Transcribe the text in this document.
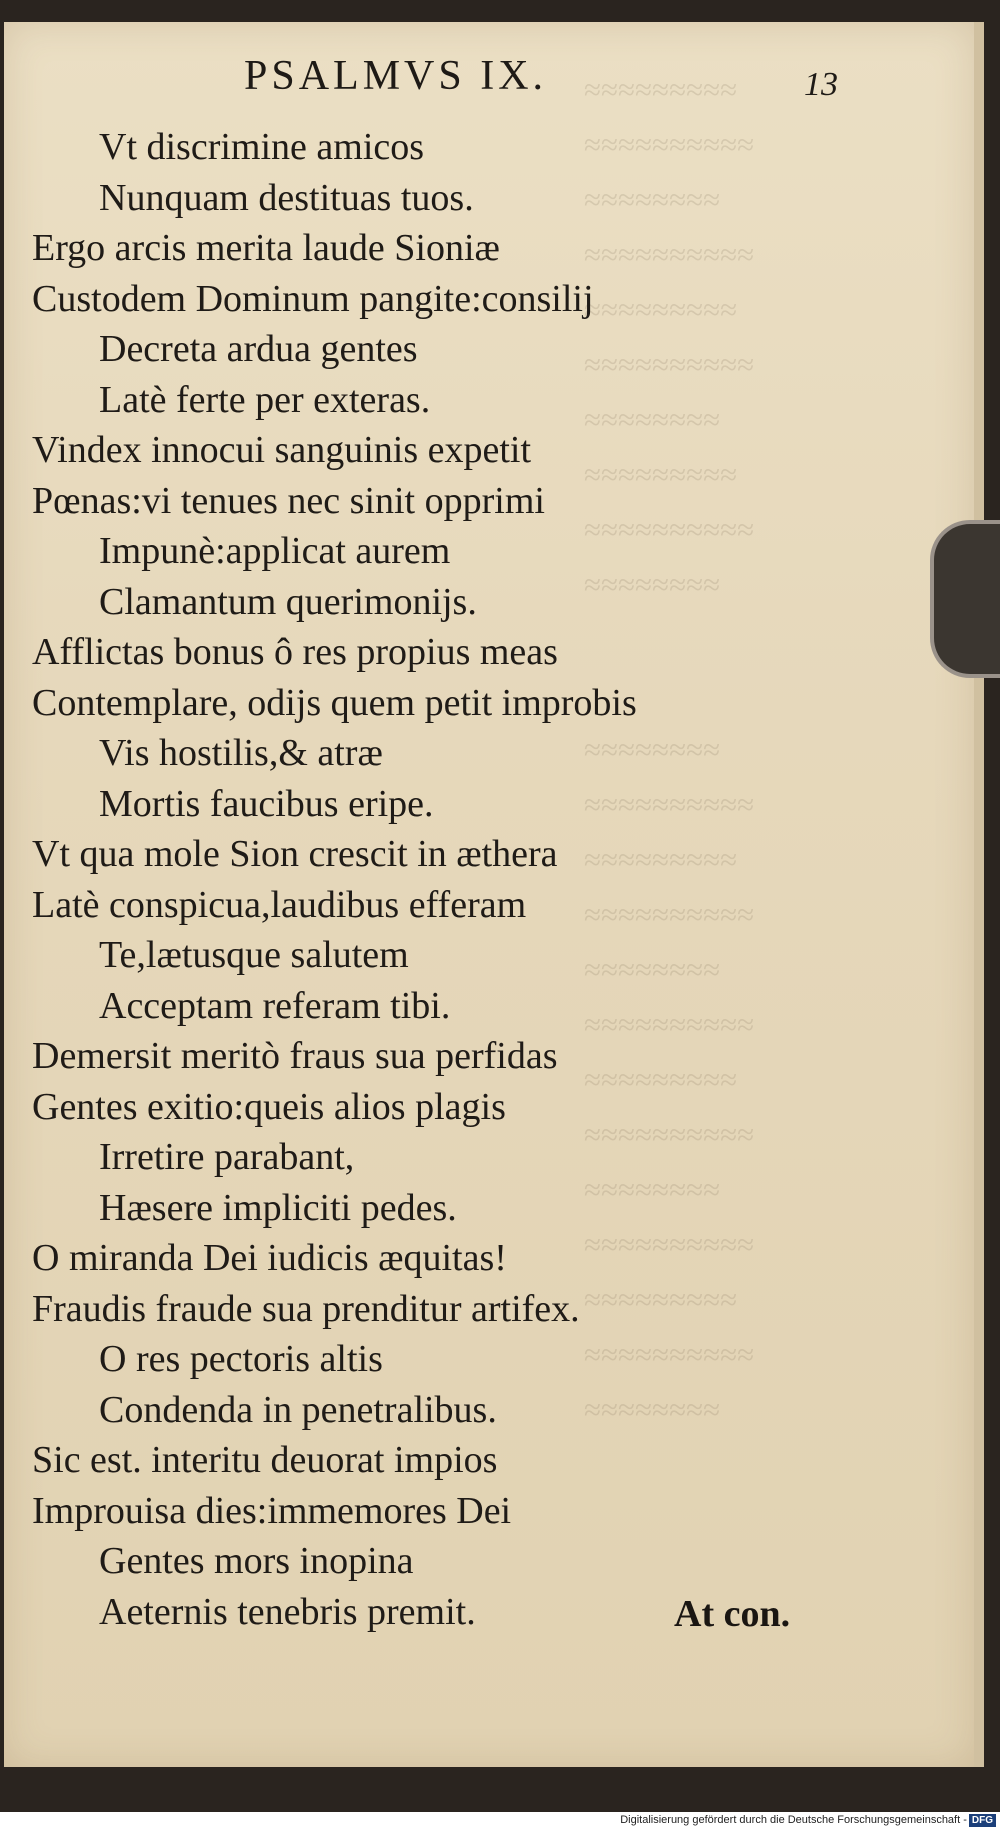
≈≈≈≈≈≈≈≈≈
≈≈≈≈≈≈≈≈≈≈
≈≈≈≈≈≈≈≈
≈≈≈≈≈≈≈≈≈≈
≈≈≈≈≈≈≈≈≈
≈≈≈≈≈≈≈≈≈≈
≈≈≈≈≈≈≈≈
≈≈≈≈≈≈≈≈≈
≈≈≈≈≈≈≈≈≈≈
≈≈≈≈≈≈≈≈

≈≈≈≈≈≈≈≈
≈≈≈≈≈≈≈≈≈≈
≈≈≈≈≈≈≈≈≈
≈≈≈≈≈≈≈≈≈≈
≈≈≈≈≈≈≈≈
≈≈≈≈≈≈≈≈≈≈
≈≈≈≈≈≈≈≈≈
≈≈≈≈≈≈≈≈≈≈
≈≈≈≈≈≈≈≈
≈≈≈≈≈≈≈≈≈≈
≈≈≈≈≈≈≈≈≈
≈≈≈≈≈≈≈≈≈≈
≈≈≈≈≈≈≈≈
PSALMVS IX.	13
Vt discrimine amicos
Nunquam destituas tuos.
Ergo arcis merita laude Sioniæ
Custodem Dominum pangite:consilij
Decreta ardua gentes
Latè ferte per exteras.
Vindex innocui sanguinis expetit
Pœnas:vi tenues nec sinit opprimi
Impunè:applicat aurem
Clamantum querimonijs.
Afflictas bonus ô res propius meas
Contemplare, odijs quem petit improbis
Vis hostilis,& atræ
Mortis faucibus eripe.
Vt qua mole Sion crescit in æthera
Latè conspicua,laudibus efferam
Te,lætusque salutem
Acceptam referam tibi.
Demersit meritò fraus sua perfidas
Gentes exitio:queis alios plagis
Irretire parabant,
Hæsere impliciti pedes.
O miranda Dei iudicis æquitas!
Fraudis fraude sua prenditur artifex.
O res pectoris altis
Condenda in penetralibus.
Sic est. interitu deuorat impios
Improuisa dies:immemores Dei
Gentes mors inopina
Aeternis tenebris premit.	At con.
Digitalisierung gefördert durch die Deutsche Forschungsgemeinschaft - DFG
